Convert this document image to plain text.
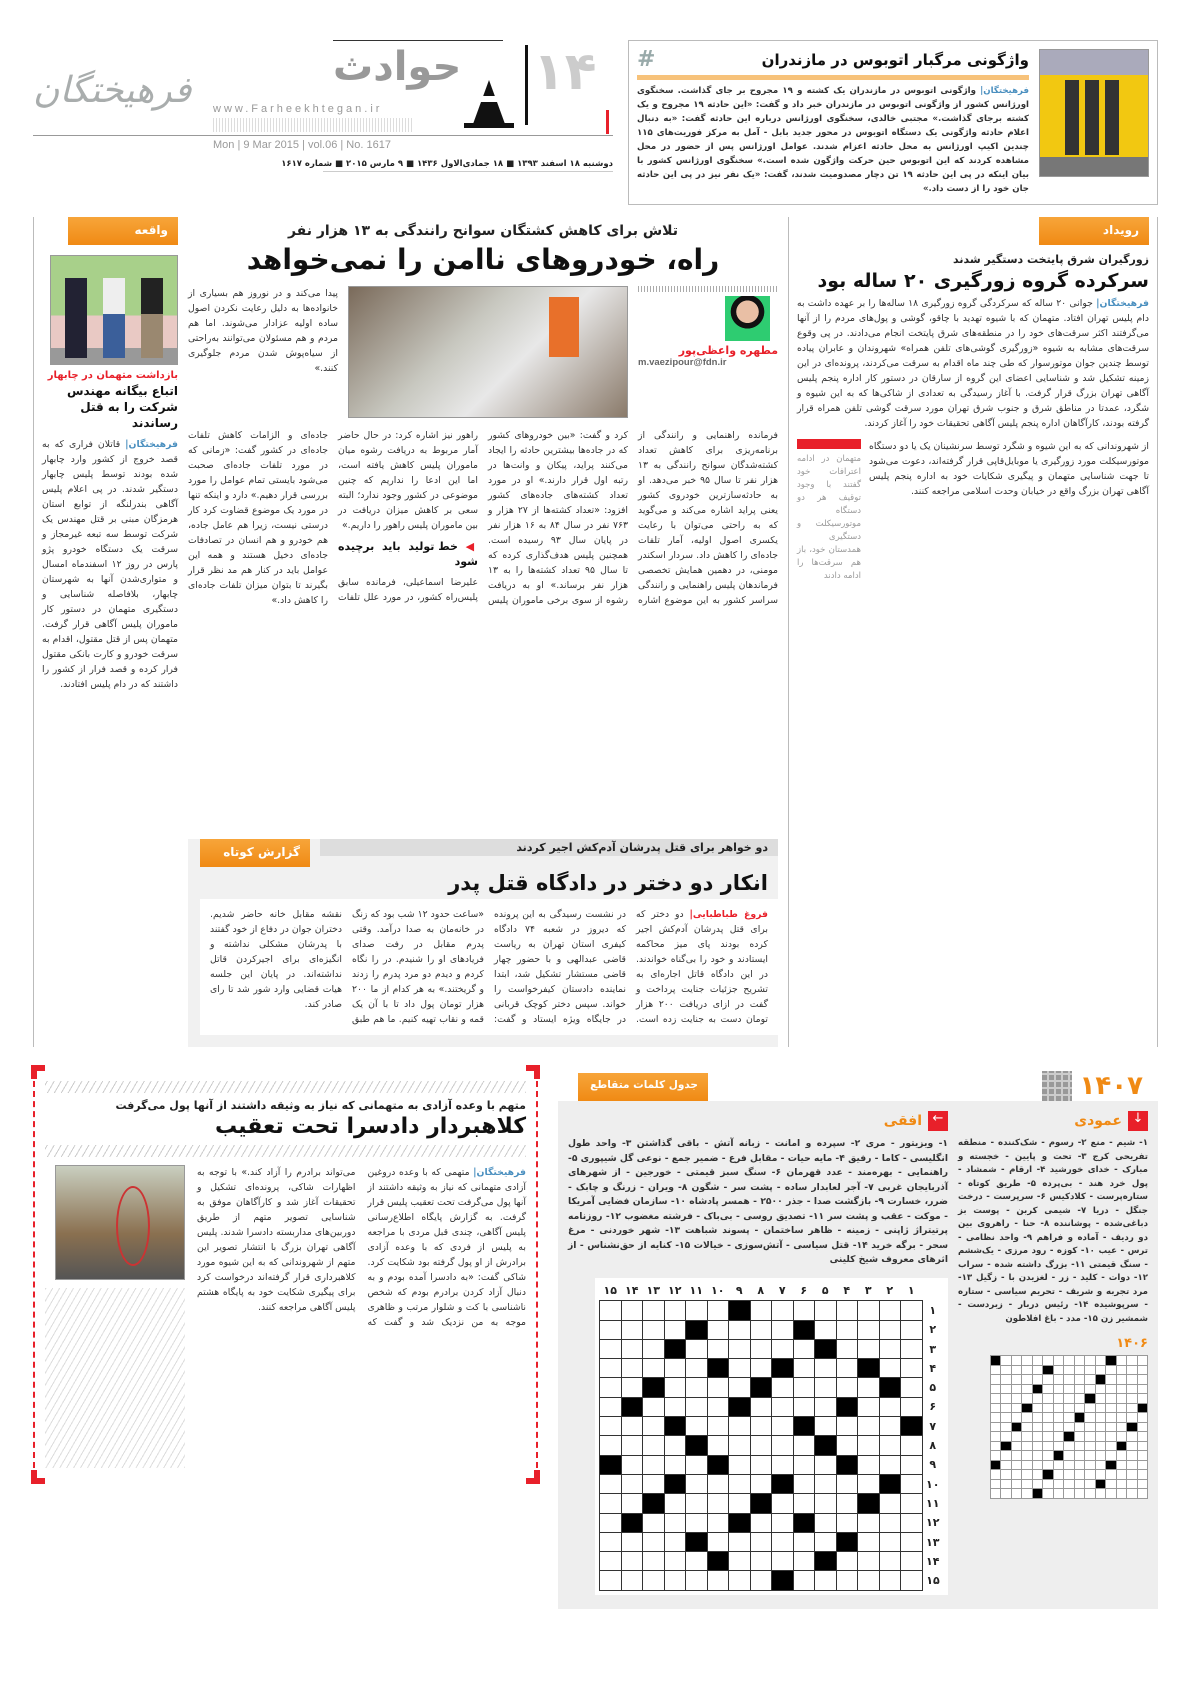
فرهیختگان
حوادث ۱۴
www.Farheekhtegan.ir
Mon | 9 Mar 2015 | vol.06 | No. 1617
دوشنبه ۱۸ اسفند ۱۳۹۳ ■ ۱۸ جمادی‌الاول ۱۴۳۶ ■ ۹ مارس ۲۰۱۵ ■ شماره ۱۶۱۷
واژگونی مرگبار اتوبوس در مازندران
#
فرهیختگان| واژگونی اتوبوس در مازندران یک کشته و ۱۹ مجروح بر جای گذاشت. سخنگوی اورژانس کشور از واژگونی اتوبوس در مازندران خبر داد و گفت: «این حادثه ۱۹ مجروح و یک کشته برجای گذاشت.» مجتبی خالدی، سخنگوی اورژانس درباره این حادثه گفت: «به دنبال اعلام حادثه واژگونی یک دستگاه اتوبوس در محور جدید بابل - آمل به مرکز فوریت‌های ۱۱۵ چندین اکیپ اورژانس به محل حادثه اعزام شدند. عوامل اورژانس پس از حضور در محل مشاهده کردند که این اتوبوس حین حرکت واژگون شده است.» سخنگوی اورژانس کشور با بیان اینکه در پی این حادثه ۱۹ تن دچار مصدومیت شدند، گفت: «یک نفر نیز در پی این حادثه جان خود را از دست داد.»
رویداد
زورگیران شرق پایتخت دستگیر شدند
سرکرده گروه زورگیری ۲۰ ساله بود
فرهیختگان| جوانی ۲۰ ساله که سرکردگی گروه زورگیری ۱۸ ساله‌ها را بر عهده داشت به دام پلیس تهران افتاد. متهمان که با شیوه تهدید با چاقو، گوشی و پول‌های مردم را از آنها می‌گرفتند اکثر سرقت‌های خود را در منطقه‌های شرق پایتخت انجام می‌دادند. در پی وقوع سرقت‌های مشابه به شیوه «زورگیری گوشی‌های تلفن همراه» شهروندان و عابران پیاده توسط چندین جوان موتورسوار که طی چند ماه اقدام به سرقت می‌کردند، پرونده‌ای در این زمینه تشکیل شد و شناسایی اعضای این گروه از سارقان در دستور کار اداره پنجم پلیس آگاهی تهران بزرگ قرار گرفت. با آغاز رسیدگی به تعدادی از شاکی‌ها که به این شیوه و شگرد، عمدتا در مناطق شرق و جنوب شرق تهران مورد سرقت گوشی تلفن همراه قرار گرفته بودند، کارآگاهان اداره پنجم پلیس آگاهی تحقیقات خود را آغاز کردند.
از شهروندانی که به این شیوه و شگرد توسط سرنشینان یک یا دو دستگاه موتورسیکلت مورد زورگیری یا موبایل‌قاپی قرار گرفته‌اند، دعوت می‌شود تا جهت شناسایی متهمان و پیگیری شکایات خود به اداره پنجم پلیس آگاهی تهران بزرگ واقع در خیابان وحدت اسلامی مراجعه کنند.
متهمان در ادامه اعترافات خود گفتند با وجود توقیف هر دو دستگاه موتورسیکلت و دستگیری همدستان خود، باز هم سرقت‌ها را ادامه دادند
تلاش برای کاهش کشتگان سوانح رانندگی به ۱۳ هزار نفر
راه، خودروهای ناامن را نمی‌خواهد
مطهره واعظی‌پور
m.vaezipour@fdn.ir
پیدا می‌کند و در نوروز هم بسیاری از خانواده‌ها به دلیل رعایت نکردن اصول ساده اولیه عزادار می‌شوند. اما هم مردم و هم مسئولان می‌توانند به‌راحتی از سیاه‌پوش شدن مردم جلوگیری کنند.»
فرمانده راهنمایی و رانندگی از برنامه‌ریزی برای کاهش تعداد کشته‌شدگان سوانح رانندگی به ۱۳ هزار نفر تا سال ۹۵ خبر می‌دهد. او به حادثه‌سازترین خودروی کشور یعنی پراید اشاره می‌کند و می‌گوید که به راحتی می‌توان با رعایت یکسری اصول اولیه، آمار تلفات جاده‌ای را کاهش داد. سردار اسکندر مومنی، در دهمین همایش تخصصی فرماندهان پلیس راهنمایی و رانندگی سراسر کشور به این موضوع اشاره کرد و گفت: «بین خودروهای کشور که در جاده‌ها بیشترین حادثه را ایجاد می‌کنند پراید، پیکان و وانت‌ها در رتبه اول قرار دارند.» او در مورد تعداد کشته‌های جاده‌های کشور افزود: «تعداد کشته‌ها از ۲۷ هزار و ۷۶۳ نفر در سال ۸۴ به ۱۶ هزار نفر در پایان سال ۹۳ رسیده است. همچنین پلیس هدف‌گذاری کرده که تا سال ۹۵ تعداد کشته‌ها را به ۱۳ هزار نفر برساند.» او به دریافت رشوه از سوی برخی ماموران پلیس راهور نیز اشاره کرد: در حال حاضر آمار مربوط به دریافت رشوه میان ماموران پلیس کاهش یافته است، اما این ادعا را نداریم که چنین موضوعی در کشور وجود ندارد؛ البته سعی بر کاهش میزان دریافت در بین ماموران پلیس راهور را داریم.»
◀ خط تولید باید برچیده شود
علیرضا اسماعیلی، فرمانده سابق پلیس‌راه کشور، در مورد علل تلفات جاده‌ای و الزامات کاهش تلفات جاده‌ای در کشور گفت: «زمانی که در مورد تلفات جاده‌ای صحبت می‌شود بایستی تمام عوامل را مورد بررسی قرار دهیم.» دارد و اینکه تنها در مورد یک موضوع قضاوت کرد کار درستی نیست، زیرا هم عامل جاده، هم خودرو و هم انسان در تصادفات جاده‌ای دخیل هستند و همه این عوامل باید در کنار هم مد نظر قرار بگیرند تا بتوان میزان تلفات جاده‌ای را کاهش داد.»
دو خواهر برای قتل پدرشان آدم‌کش اجیر کردند
گزارش کوتاه
انکار دو دختر در دادگاه قتل پدر
فروغ طباطبایی| دو دختر که برای قتل پدرشان آدم‌کش اجیر کرده بودند پای میز محاکمه ایستادند و خود را بی‌گناه خواندند. در این دادگاه قاتل اجاره‌ای به تشریح جزئیات جنایت پرداخت و گفت در ازای دریافت ۲۰۰ هزار تومان دست به جنایت زده است. در نشست رسیدگی به این پرونده که دیروز در شعبه ۷۴ دادگاه کیفری استان تهران به ریاست قاضی عبدالهی و با حضور چهار قاضی مستشار تشکیل شد، ابتدا نماینده دادستان کیفرخواست را خواند. سپس دختر کوچک قربانی در جایگاه ویژه ایستاد و گفت: «ساعت حدود ۱۲ شب بود که زنگ در خانه‌مان به صدا درآمد. وقتی پدرم مقابل در رفت صدای فریادهای او را شنیدم. در را نگاه کردم و دیدم دو مرد پدرم را زدند و گریختند.» به هر کدام از ما ۲۰۰ هزار تومان پول داد تا با آن یک قمه و نقاب تهیه کنیم. ما هم طبق نقشه مقابل خانه حاضر شدیم. دختران جوان در دفاع از خود گفتند با پدرشان مشکلی نداشته و انگیزه‌ای برای اجیرکردن قاتل نداشته‌اند. در پایان این جلسه هیات قضایی وارد شور شد تا رای صادر کند.
واقعه
بازداشت متهمان در چابهار
اتباع بیگانه مهندس شرکت را به قتل رساندند
فرهیختگان| قاتلان فراری که به قصد خروج از کشور وارد چابهار شده بودند توسط پلیس چابهار دستگیر شدند. در پی اعلام پلیس آگاهی بندرلنگه از توابع استان هرمزگان مبنی بر قتل مهندس یک شرکت توسط سه تبعه غیرمجاز و سرقت یک دستگاه خودرو پژو پارس در روز ۱۲ اسفندماه امسال و متواری‌شدن آنها به شهرستان چابهار، بلافاصله شناسایی و دستگیری متهمان در دستور کار ماموران پلیس آگاهی قرار گرفت. متهمان پس از قتل مقتول، اقدام به سرقت خودرو و کارت بانکی مقتول فرار کرده و قصد فرار از کشور را داشتند که در دام پلیس افتادند.
متهم با وعده آزادی به متهمانی که نیاز به وثیقه داشتند از آنها پول می‌گرفت
کلاهبردار دادسرا تحت تعقیب
فرهیختگان| متهمی که با وعده دروغین آزادی متهمانی که نیاز به وثیقه داشتند از آنها پول می‌گرفت تحت تعقیب پلیس قرار گرفت. به گزارش پایگاه اطلاع‌رسانی پلیس آگاهی، چندی قبل مردی با مراجعه به پلیس از فردی که با وعده آزادی برادرش از او پول گرفته بود شکایت کرد. شاکی گفت: «به دادسرا آمده بودم و به دنبال آزاد کردن برادرم بودم که شخص ناشناسی با کت و شلوار مرتب و ظاهری موجه به من نزدیک شد و گفت که می‌تواند برادرم را آزاد کند.» با توجه به اظهارات شاکی، پرونده‌ای تشکیل و تحقیقات آغاز شد و کارآگاهان موفق به شناسایی تصویر متهم از طریق دوربین‌های مداربسته دادسرا شدند. پلیس آگاهی تهران بزرگ با انتشار تصویر این متهم از شهروندانی که به این شیوه مورد کلاهبرداری قرار گرفته‌اند درخواست کرد برای پیگیری شکایت خود به پایگاه هشتم پلیس آگاهی مراجعه کنند.
جدول کلمات متقاطع	۱۴۰۷
↓
عمودی
۱- شیم - منع ۲- رسوم - شک‌کننده - منطقه تفریحی کرج ۳- تحت و پایین - خجسته و مبارک - خدای خورشید ۴- ارقام - شمشاد - پول خرد هند - بی‌پرده ۵- طریق کوتاه - ستاره‌پرست - کلادکیس ۶- سرپرست - درخت جنگل - دریا ۷- شیمی کربن - پوست بز دباغی‌شده - پوشاننده ۸- حنا - راهروی بین دو ردیف - آماده و فراهم ۹- واحد نظامی - ترس - عیب ۱۰- کوزه - رود مرزی - یک‌ششم - سنگ قیمتی ۱۱- بزرگ داشته شده - سراب ۱۲- دوات - کلید - زر - لغزیدن با - زگیل ۱۳- مرد تجربه و شریف - تحریم سیاسی - ستاره - سرپوشیده ۱۴- رئیس دربار - زبردست - شمشیر زن ۱۵- مدد - باغ افلاطون
۱۴۰۶

←
افقی
۱- ویزیتور - مری ۲- سپرده و امانت - زبانه آتش - باقی گذاشتن ۳- واحد طول انگلیسی - کاما - رفیق ۴- مایه حیات - مقابل فرع - ضمیر جمع - نوعی گل شیپوری ۵- راهنمایی - بهره‌مند - عدد قهرمان ۶- سنگ سبز قیمتی - خورجین - از شهرهای آذربایجان غربی ۷- آجر لعابدار ساده - پشت سر - شگون ۸- ویران - زرنگ و چابک - ضرر، خسارت ۹- بازگشت صدا - جذر ۲۵۰۰ - همسر پادشاه ۱۰- سازمان فضایی آمریکا - موکت - عقب و پشت سر ۱۱- تصدیق روسی - بی‌باک - فرشته مغضوب ۱۲- روزنامه پرتیتراژ ژاپنی - زمینه - ظاهر ساختمان - پسوند شباهت ۱۳- شهر خوردنی - مرغ سحر - برگه خرید ۱۴- قتل سیاسی - آتش‌سوزی - خیالات ۱۵- کنایه از حق‌نشناس - از اثرهای معروف شیخ کلینی
۱۵	۱۴	۱۳	۱۲	۱۱	۱۰	۹	۸	۷	۶	۵	۴	۳	۲	۱	
															۱
															۲
															۳
															۴
															۵
															۶
															۷
															۸
															۹
															۱۰
															۱۱
															۱۲
															۱۳
															۱۴
															۱۵
